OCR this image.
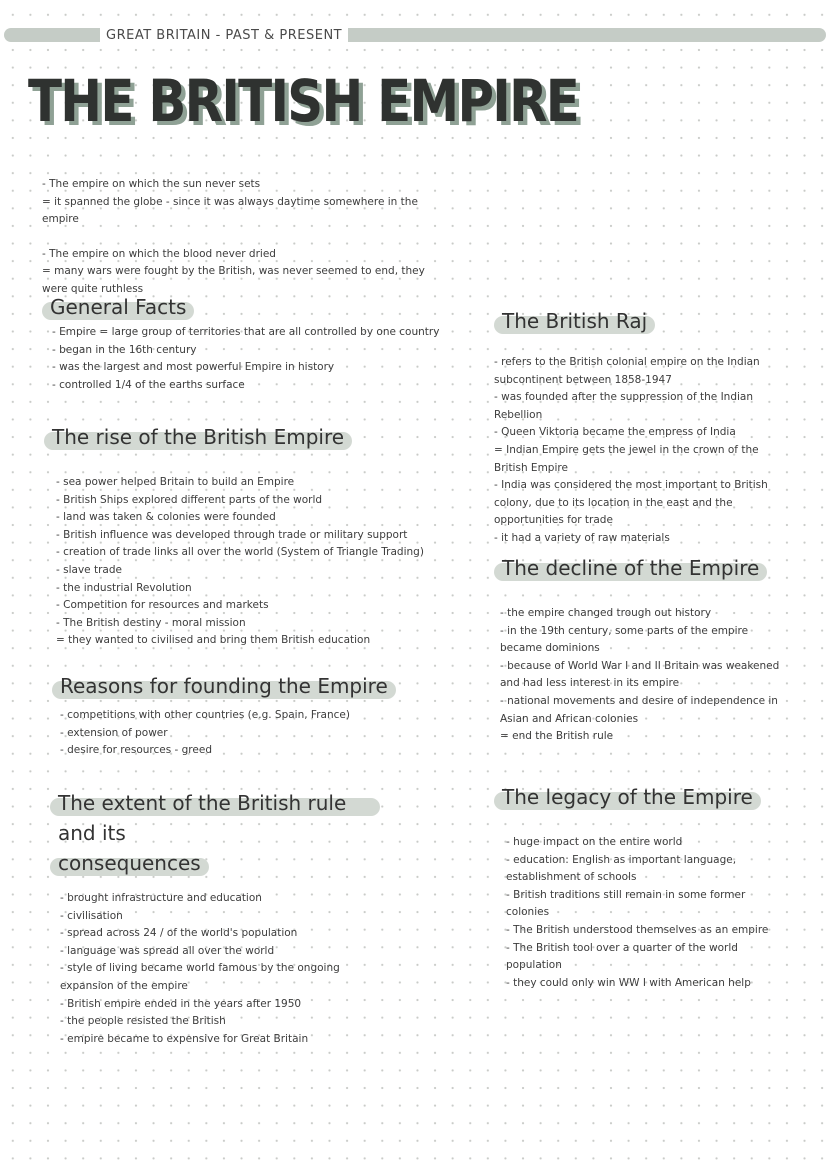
GREAT BRITAIN - PAST & PRESENT
THE BRITISH EMPIRE

- The empire on which the sun never sets

= it spanned the globe - since it was always daytime somewhere in the empire

- The empire on which the blood never dried

= many wars were fought by the British, was never seemed to end, they were quite ruthless

General Facts
- Empire = large group of territories that are all controlled by one country
- began in the 16th century
- was the largest and most powerful Empire in history
- controlled 1/4 of the earths surface
The rise of the British Empire
- sea power helped Britain to build an Empire
- British Ships explored different parts of the world
- land was taken & colonies were founded
- British influence was developed through trade or military support
- creation of trade links all over the world (System of Triangle Trading)
- slave trade
- the industrial Revolution
- Competition for resources and markets
- The British destiny - moral mission
= they wanted to civilised and bring them British education
Reasons for founding the Empire
- competitions with other countries (e.g. Spain, France)
- extension of power
- desire for resources - greed
The extent of the British rule and its
consequences
- brought infrastructure and education
- civilisation
- spread across 24 / of the world's population
- language was spread all over the world
- style of living became world famous by the ongoing expansion of the empire
- British empire ended in the years after 1950
- the people resisted the British
- empire became to expensive for Great Britain
The British Raj
- refers to the British colonial empire on the Indian subcontinent between 1858-1947
- was founded after the suppression of the Indian Rebellion
- Queen Viktoria became the empress of India
= Indian Empire gets the jewel in the crown of the British Empire
- India was considered the most important to British colony, due to its location in the east and the opportunities for trade
- it had a variety of raw materials
The decline of the Empire
- the empire changed trough out history
- in the 19th century, some parts of the empire became dominions
- because of World War I and II Britain was weakened and had less interest in its empire
- national movements and desire of independence in Asian and African colonies
= end the British rule
The legacy of the Empire
- huge impact on the entire world
- education: English as important language, establishment of schools
- British traditions still remain in some former colonies
- The British understood themselves as an empire
- The British tool over a quarter of the world population
- they could only win WW I with American help
